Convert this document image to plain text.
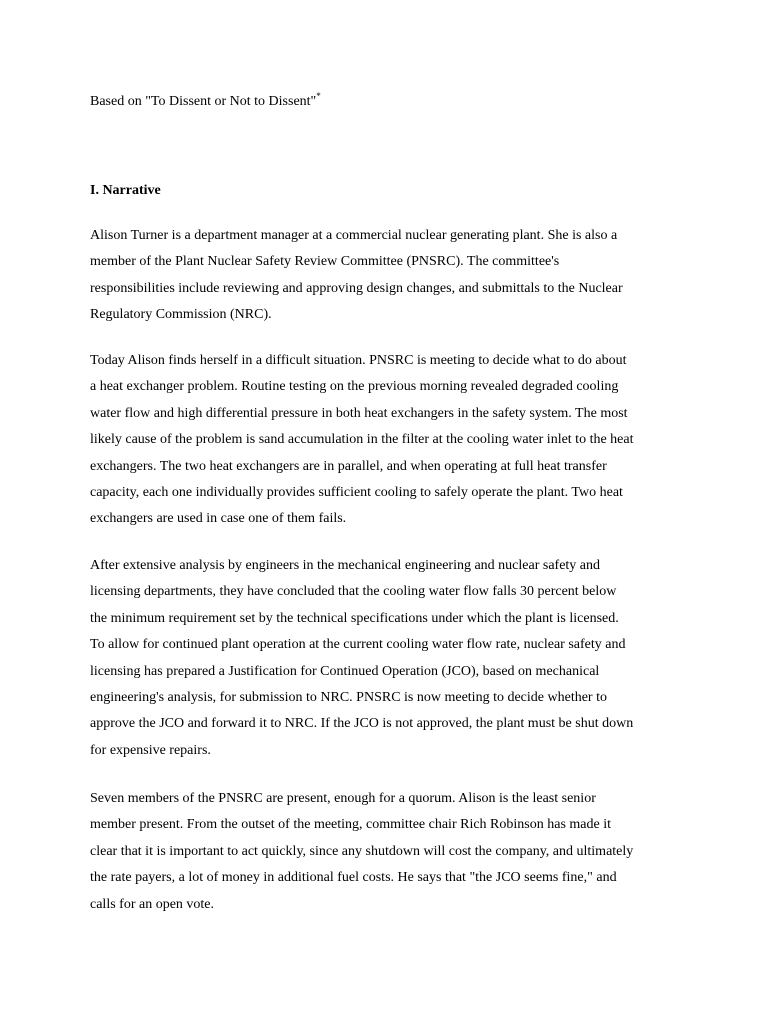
Based on "To Dissent or Not to Dissent"*
I. Narrative
Alison Turner is a department manager at a commercial nuclear generating plant. She is also a
member of the Plant Nuclear Safety Review Committee (PNSRC). The committee's
responsibilities include reviewing and approving design changes, and submittals to the Nuclear
Regulatory Commission (NRC).
Today Alison finds herself in a difficult situation. PNSRC is meeting to decide what to do about
a heat exchanger problem. Routine testing on the previous morning revealed degraded cooling
water flow and high differential pressure in both heat exchangers in the safety system. The most
likely cause of the problem is sand accumulation in the filter at the cooling water inlet to the heat
exchangers. The two heat exchangers are in parallel, and when operating at full heat transfer
capacity, each one individually provides sufficient cooling to safely operate the plant. Two heat
exchangers are used in case one of them fails.
After extensive analysis by engineers in the mechanical engineering and nuclear safety and
licensing departments, they have concluded that the cooling water flow falls 30 percent below
the minimum requirement set by the technical specifications under which the plant is licensed.
To allow for continued plant operation at the current cooling water flow rate, nuclear safety and
licensing has prepared a Justification for Continued Operation (JCO), based on mechanical
engineering's analysis, for submission to NRC. PNSRC is now meeting to decide whether to
approve the JCO and forward it to NRC. If the JCO is not approved, the plant must be shut down
for expensive repairs.
Seven members of the PNSRC are present, enough for a quorum. Alison is the least senior
member present. From the outset of the meeting, committee chair Rich Robinson has made it
clear that it is important to act quickly, since any shutdown will cost the company, and ultimately
the rate payers, a lot of money in additional fuel costs. He says that "the JCO seems fine," and
calls for an open vote.
